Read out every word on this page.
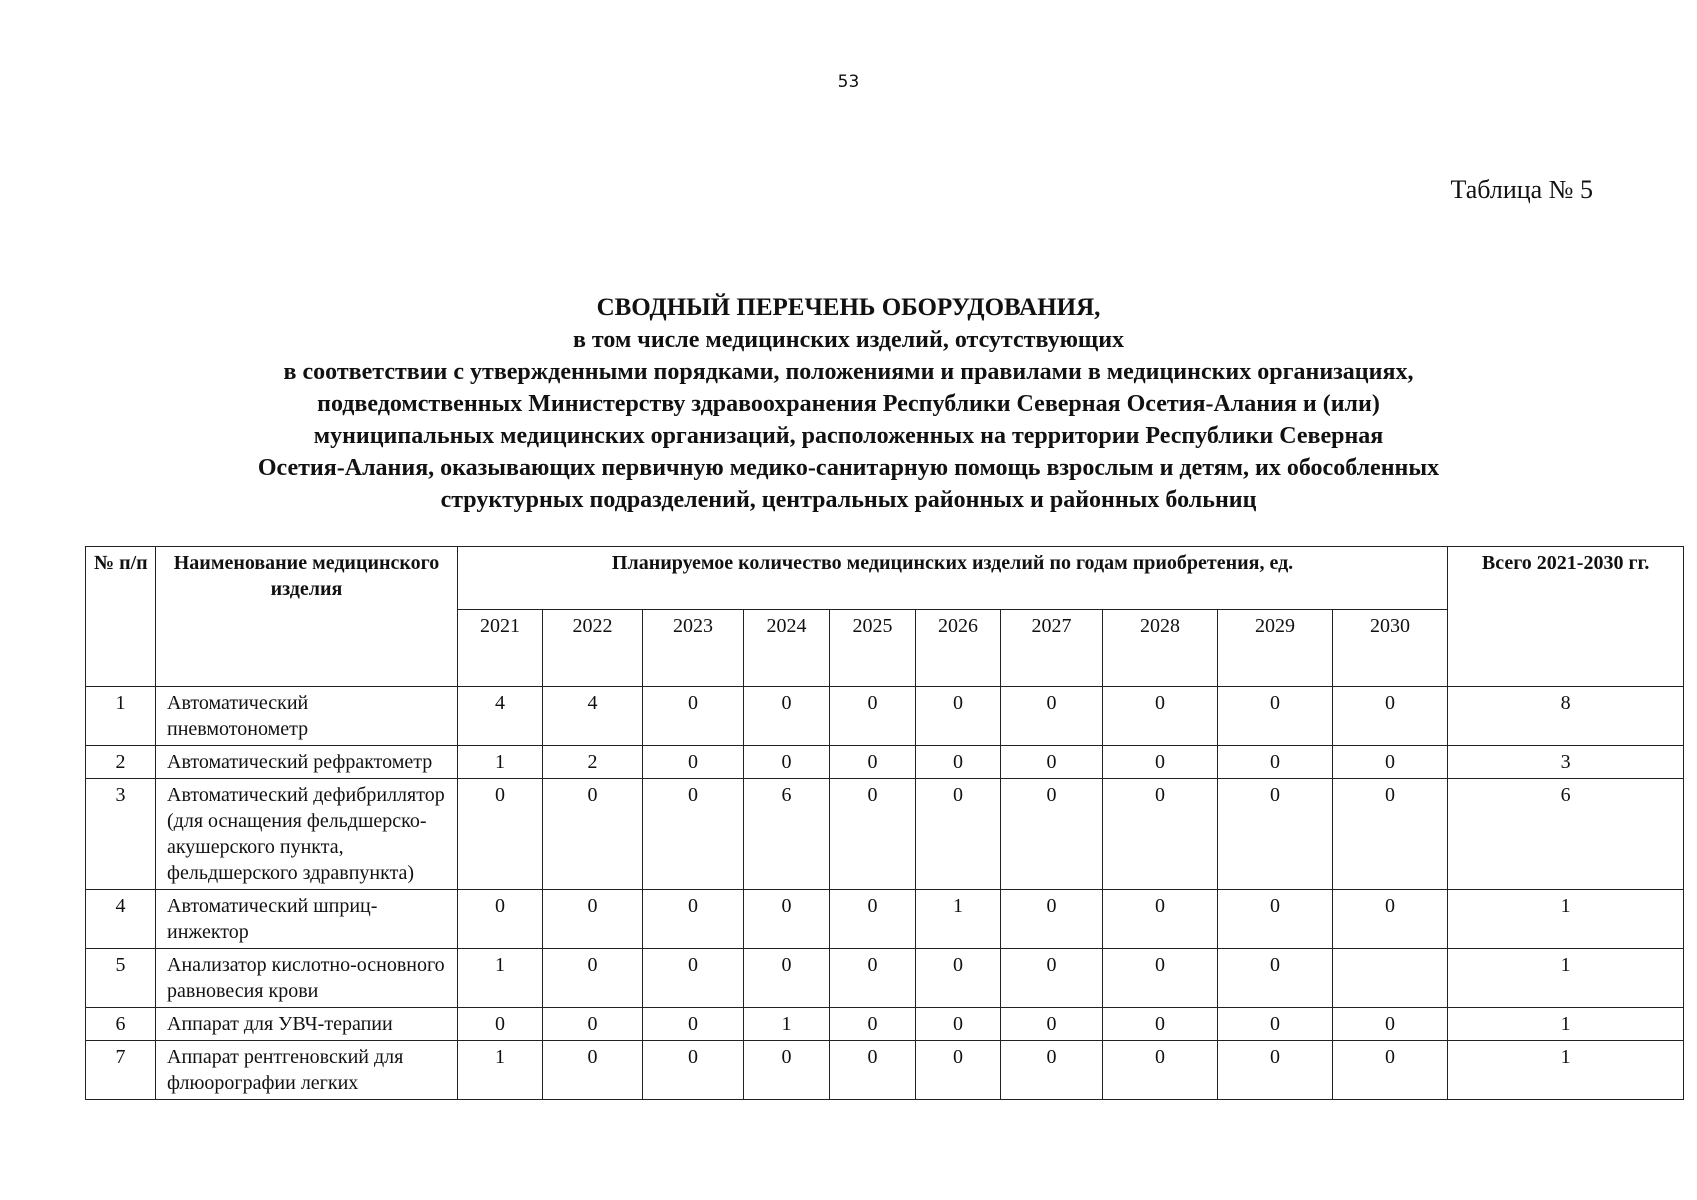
53
Таблица № 5
СВОДНЫЙ ПЕРЕЧЕНЬ ОБОРУДОВАНИЯ,
в том числе медицинских изделий, отсутствующих
в соответствии с утвержденными порядками, положениями и правилами в медицинских организациях,
подведомственных Министерству здравоохранения Республики Северная Осетия-Алания и (или)
муниципальных медицинских организаций, расположенных на территории Республики Северная
Осетия-Алания, оказывающих первичную медико-санитарную помощь взрослым и детям, их обособленных
структурных подразделений, центральных районных и районных больниц
№ п/п	Наименование медицинского изделия	Планируемое количество медицинских изделий по годам приобретения, ед.										Всего 2021-2030 гг.
		2021	2022	2023	2024	2025	2026	2027	2028	2029	2030	
1	Автоматический пневмотонометр	4	4	0	0	0	0	0	0	0	0	8
2	Автоматический рефрактометр	1	2	0	0	0	0	0	0	0	0	3
3	Автоматический дефибриллятор (для оснащения фельдшерско-акушерского пункта, фельдшерского здравпункта)	0	0	0	6	0	0	0	0	0	0	6
4	Автоматический шприц-инжектор	0	0	0	0	0	1	0	0	0	0	1
5	Анализатор кислотно-основного равновесия крови	1	0	0	0	0	0	0	0	0		1
6	Аппарат для УВЧ-терапии	0	0	0	1	0	0	0	0	0	0	1
7	Аппарат рентгеновский для флюорографии легких	1	0	0	0	0	0	0	0	0	0	1
